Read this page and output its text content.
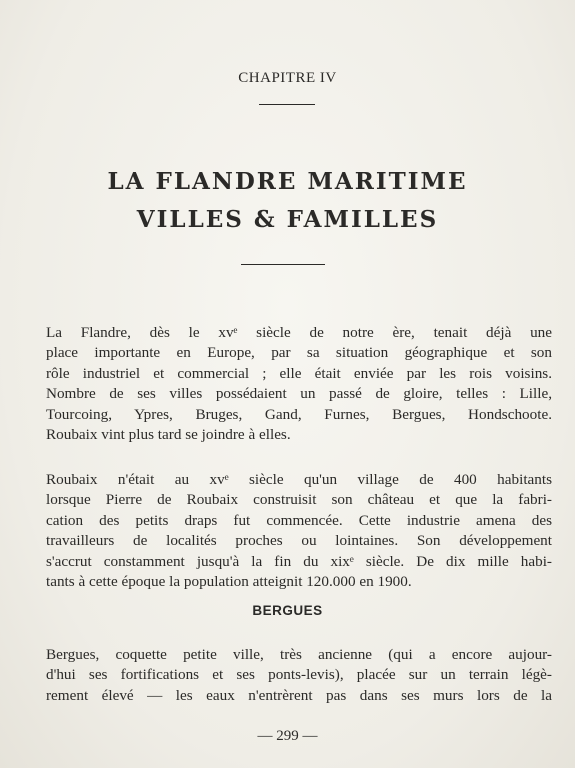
CHAPITRE IV
LA FLANDRE MARITIME
VILLES & FAMILLES

La Flandre, dès le xvᵉ siècle de notre ère, tenait déjà une
place importante en Europe, par sa situation géographique et son
rôle industriel et commercial ; elle était enviée par les rois voisins.
Nombre de ses villes possédaient un passé de gloire, telles : Lille,
Tourcoing, Ypres, Bruges, Gand, Furnes, Bergues, Hondschoote.
Roubaix vint plus tard se joindre à elles.

Roubaix n'était au xvᵉ siècle qu'un village de 400 habitants
lorsque Pierre de Roubaix construisit son château et que la fabri-
cation des petits draps fut commencée. Cette industrie amena des
travailleurs de localités proches ou lointaines. Son développement
s'accrut constamment jusqu'à la fin du xixᵉ siècle. De dix mille habi-
tants à cette époque la population atteignit 120.000 en 1900.

BERGUES

Bergues, coquette petite ville, très ancienne (qui a encore aujour-
d'hui ses fortifications et ses ponts-levis), placée sur un terrain légè-
rement élevé — les eaux n'entrèrent pas dans ses murs lors de la

— 299 —
